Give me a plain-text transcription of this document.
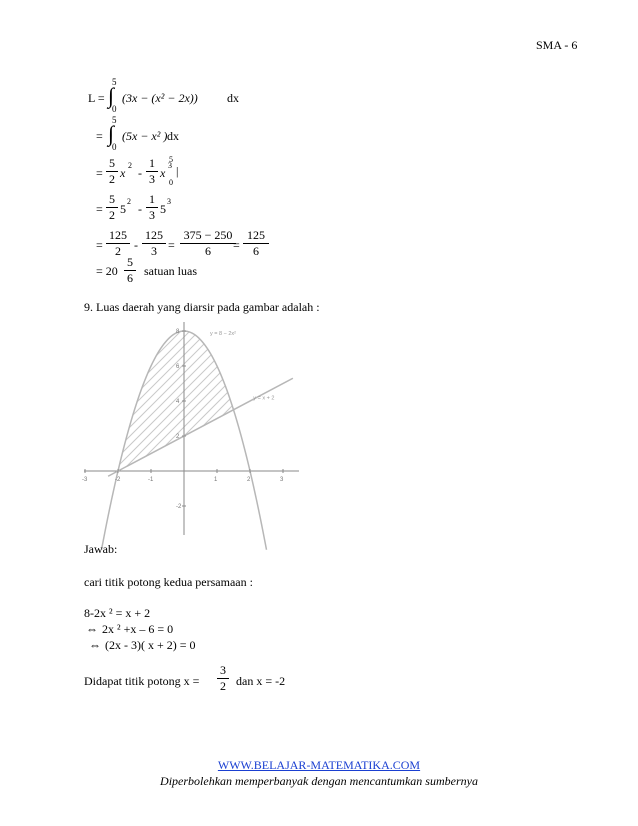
SMA - 6
L =
5
∫
0
(3x − (x² − 2x)) dx
=
5
∫
0
(5x − x² ) dx
=
5
2 x
2
-
1
3 x
3 |
5
0
=
5
2 5
2
-
1
3 5
3
=
125
2	-
125
3 =
375 − 250
6	=
125
6
= 20
5
6 satuan luas
9. Luas daerah yang diarsir pada gambar adalah :
-3	-2	-1	1	2	3
8
6
4
2
-2
y = 8 − 2x²
y = x + 2
Jawab:
cari titik potong kedua persamaan :
8-2x ² = x + 2
⇔ 2x ² +x – 6 = 0
⇔ (2x - 3)( x + 2) = 0
Didapat titik potong x =
3
2 dan x = -2
WWW.BELAJAR-MATEMATIKA.COM
Diperbolehkan memperbanyak dengan mencantumkan sumbernya
